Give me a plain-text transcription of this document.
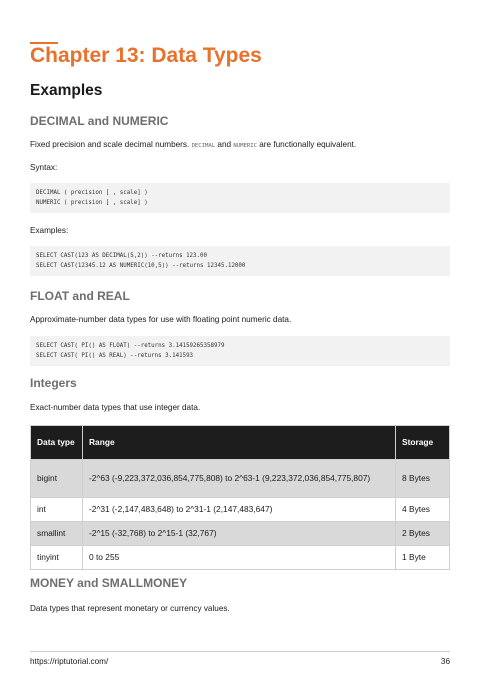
Chapter 13: Data Types
Examples
DECIMAL and NUMERIC
Fixed precision and scale decimal numbers. DECIMAL and NUMERIC are functionally equivalent.
Syntax:
DECIMAL ( precision [ , scale] )
NUMERIC ( precision [ , scale] )
Examples:
SELECT CAST(123 AS DECIMAL(5,2)) --returns 123.00
SELECT CAST(12345.12 AS NUMERIC(10,5)) --returns 12345.12000
FLOAT and REAL
Approximate-number data types for use with floating point numeric data.
SELECT CAST( PI() AS FLOAT) --returns 3.14159265358979
SELECT CAST( PI() AS REAL) --returns 3.141593
Integers
Exact-number data types that use integer data.
Data type	Range	Storage
bigint	-2^63 (-9,223,372,036,854,775,808) to 2^63-1 (9,223,372,036,854,775,807)	8 Bytes
int	-2^31 (-2,147,483,648) to 2^31-1 (2,147,483,647)	4 Bytes
smallint	-2^15 (-32,768) to 2^15-1 (32,767)	2 Bytes
tinyint	0 to 255	1 Byte
MONEY and SMALLMONEY
Data types that represent monetary or currency values.
https://riptutorial.com/	36
